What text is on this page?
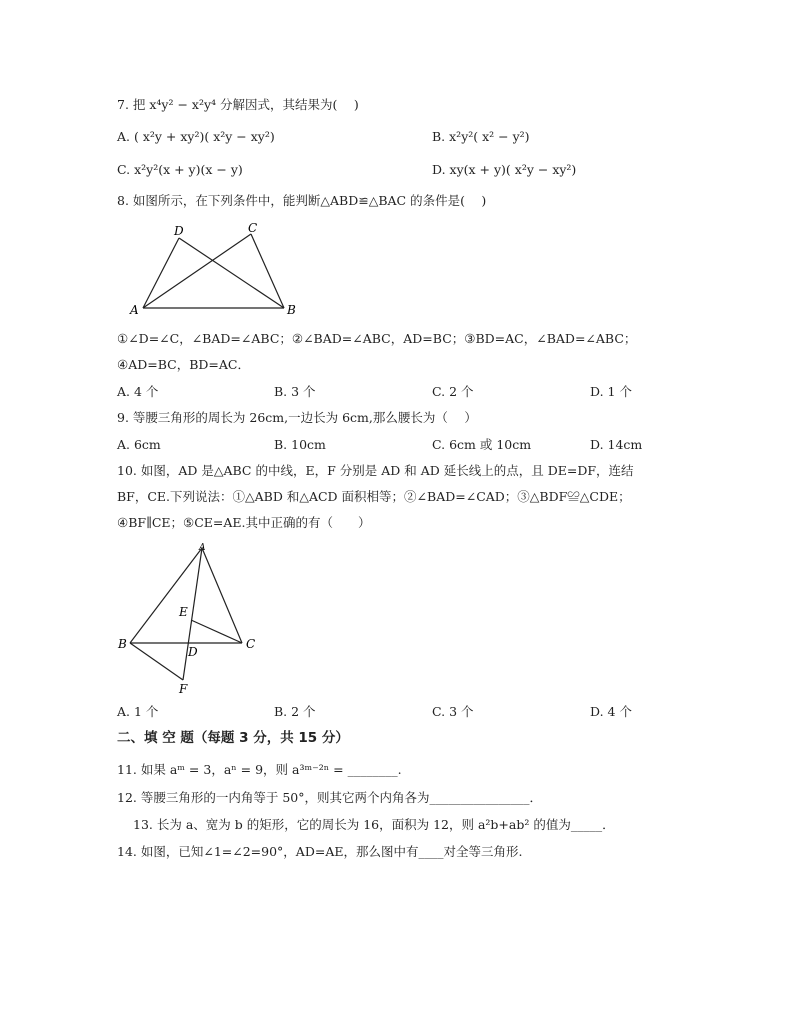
7. 把 x⁴y² − x²y⁴ 分解因式，其结果为(　 )
A. ( x²y + xy²)( x²y − xy²)	B. x²y²( x² − y²)
C. x²y²(x + y)(x − y)	D. xy(x + y)( x²y − xy²)
8. 如图所示，在下列条件中，能判断△ABD≌△BAC 的条件是(　 )
D	C
A	B
①∠D=∠C，∠BAD=∠ABC；②∠BAD=∠ABC，AD=BC；③BD=AC，∠BAD=∠ABC；
④AD=BC，BD=AC．
A. 4 个	B. 3 个	C. 2 个	D. 1 个
9. 等腰三角形的周长为 26cm,一边长为 6cm,那么腰长为（　 ）
A. 6cm	B. 10cm	C. 6cm 或 10cm	D. 14cm
10. 如图，AD 是△ABC 的中线，E，F 分别是 AD 和 AD 延长线上的点，且 DE=DF，连结
BF，CE.下列说法：①△ABD 和△ACD 面积相等；②∠BAD=∠CAD；③△BDF≌△CDE；
④BF∥CE；⑤CE=AE.其中正确的有（　　）
A
E
B	C
D
F
A. 1 个	B. 2 个	C. 3 个	D. 4 个
二、填 空 题（每题 3 分，共 15 分）
11. 如果 aᵐ = 3，aⁿ = 9，则 a³ᵐ⁻²ⁿ = ________.
12. 等腰三角形的一内角等于 50°，则其它两个内角各为________________．
13. 长为 a、宽为 b 的矩形，它的周长为 16，面积为 12，则 a²b+ab² 的值为_____．
14. 如图，已知∠1=∠2=90°，AD=AE，那么图中有____对全等三角形.
